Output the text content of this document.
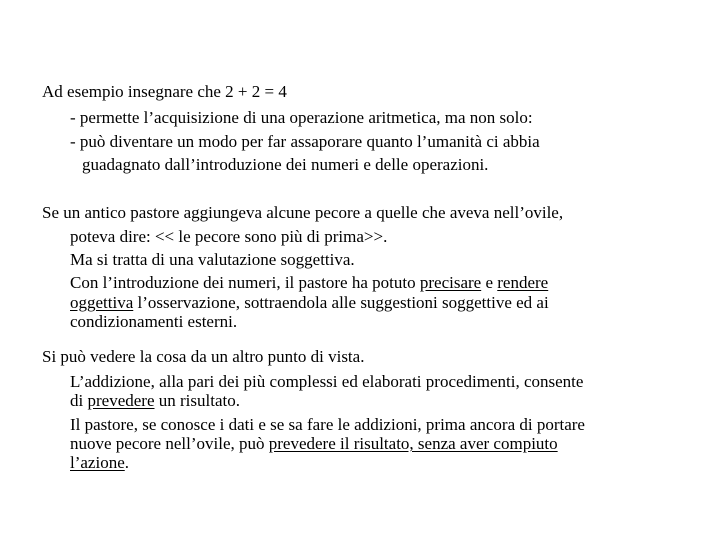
Ad esempio insegnare che 2 + 2 = 4
- permette l’acquisizione di una operazione aritmetica, ma non solo:
- può diventare un modo per far assaporare quanto l’umanità ci abbia
guadagnato dall’introduzione dei numeri e delle operazioni.
Se un antico pastore aggiungeva alcune pecore a quelle che aveva nell’ovile,
poteva dire: << le pecore sono più di prima>>.
Ma si tratta di una valutazione soggettiva.
Con l’introduzione dei numeri, il pastore ha potuto precisare e rendere
oggettiva l’osservazione, sottraendola alle suggestioni soggettive ed ai
condizionamenti esterni.
Si può vedere la cosa da un altro punto di vista.
L’addizione, alla pari dei più complessi ed elaborati procedimenti, consente
di prevedere un risultato.
Il pastore, se conosce i dati e se sa fare le addizioni, prima ancora di portare
nuove pecore nell’ovile, può prevedere il risultato, senza aver compiuto
l’azione.
